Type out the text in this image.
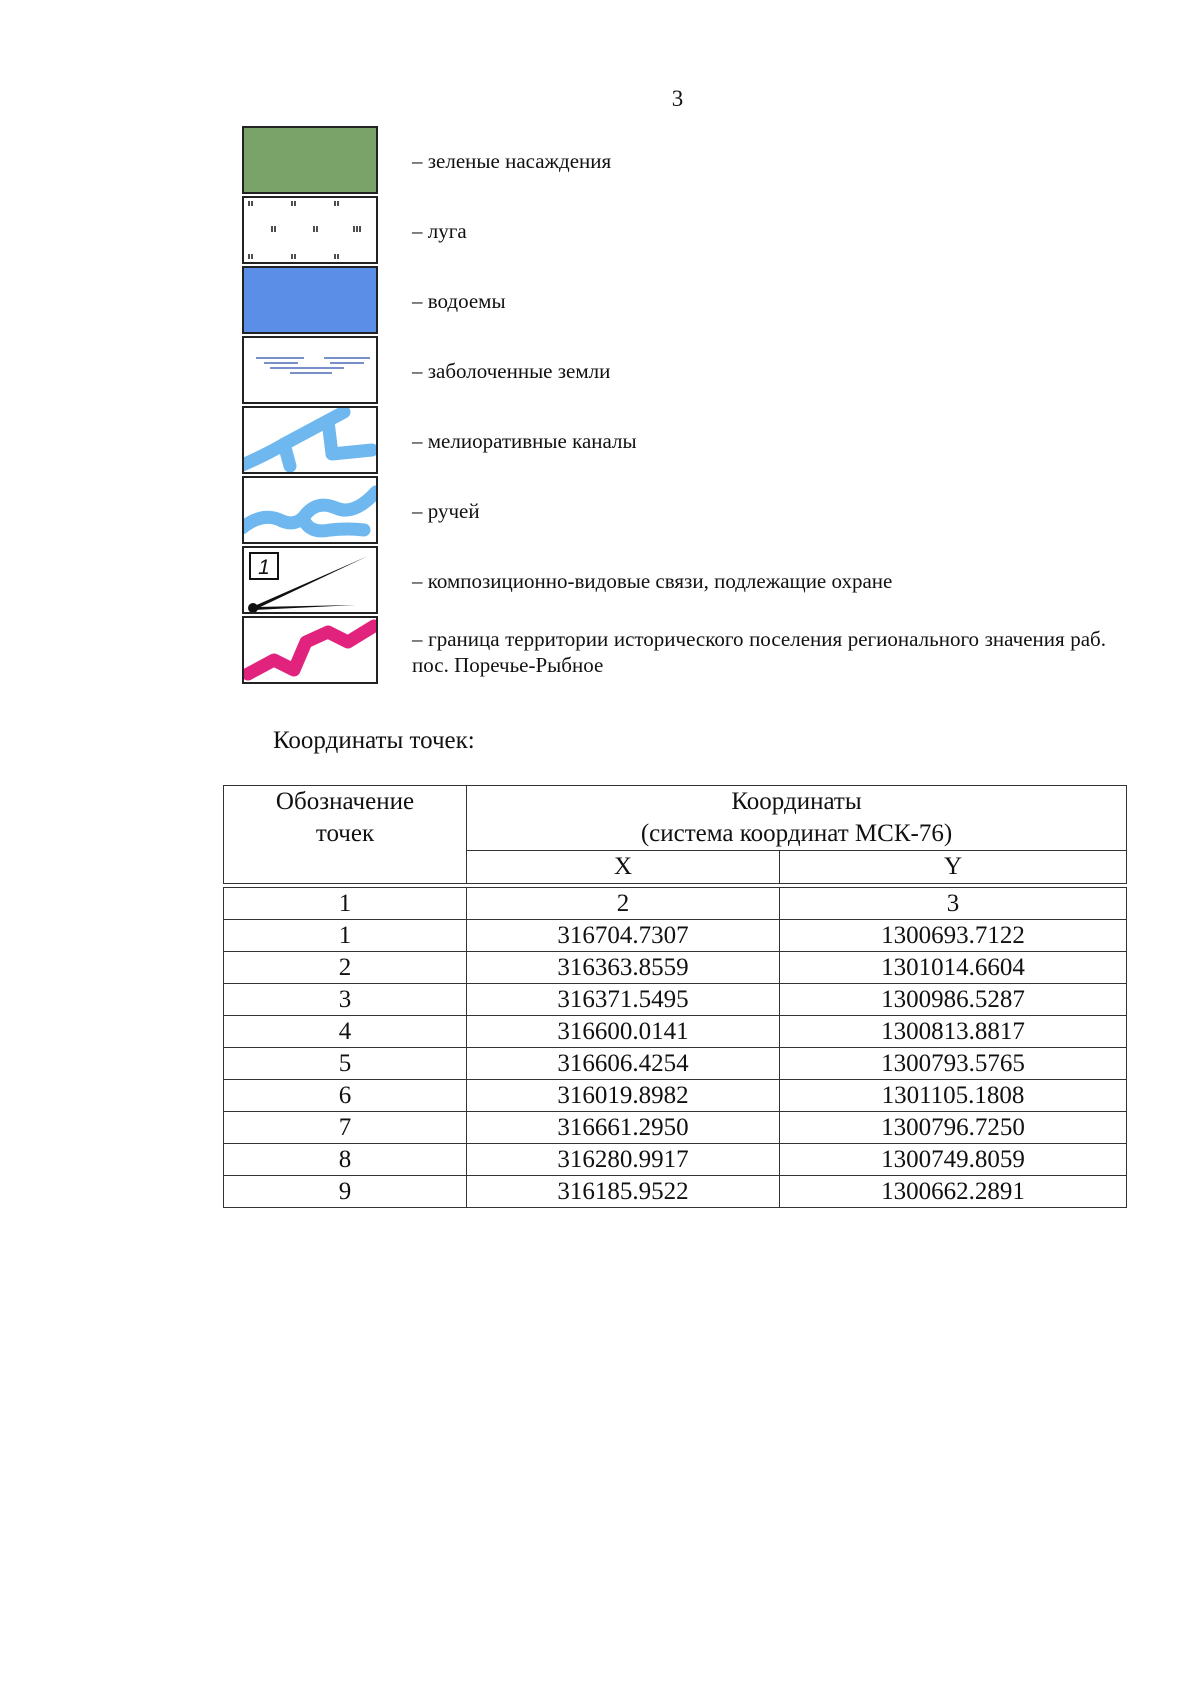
3
– зеленые насаждения
– луга
– водоемы
– заболоченные земли
– мелиоративные каналы
– ручей
1
– композиционно-видовые связи, подлежащие охране
– граница территории исторического поселения регионального значения раб. пос. Поречье-Рыбное
Координаты точек:
Обозначение точек	Координаты
(система координат МСК-76)	

	X	Y

1	2	3
1	316704.7307	1300693.7122
2	316363.8559	1301014.6604
3	316371.5495	1300986.5287
4	316600.0141	1300813.8817
5	316606.4254	1300793.5765
6	316019.8982	1301105.1808
7	316661.2950	1300796.7250
8	316280.9917	1300749.8059
9	316185.9522	1300662.2891
